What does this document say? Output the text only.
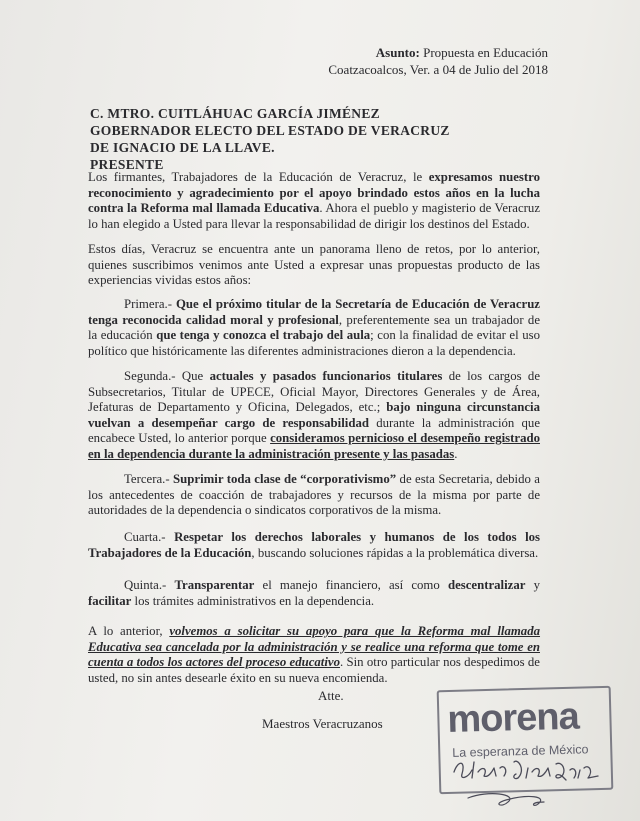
Asunto: Propuesta en Educación
Coatzacoalcos, Ver. a 04 de Julio del 2018
C. MTRO. CUITLÁHUAC GARCÍA JIMÉNEZ
GOBERNADOR ELECTO DEL ESTADO DE VERACRUZ
DE IGNACIO DE LA LLAVE.
PRESENTE
Los firmantes, Trabajadores de la Educación de Veracruz, le expresamos nuestro reconocimiento y agradecimiento por el apoyo brindado estos años en la lucha contra la Reforma mal llamada Educativa. Ahora el pueblo y magisterio de Veracruz lo han elegido a Usted para llevar la responsabilidad de dirigir los destinos del Estado.
Estos días, Veracruz se encuentra ante un panorama lleno de retos, por lo anterior, quienes suscribimos venimos ante Usted a expresar unas propuestas producto de las experiencias vividas estos años:
Primera.- Que el próximo titular de la Secretaría de Educación de Veracruz tenga reconocida calidad moral y profesional, preferentemente sea un trabajador de la educación que tenga y conozca el trabajo del aula; con la finalidad de evitar el uso político que históricamente las diferentes administraciones dieron a la dependencia.
Segunda.- Que actuales y pasados funcionarios titulares de los cargos de Subsecretarios, Titular de UPECE, Oficial Mayor, Directores Generales y de Área, Jefaturas de Departamento y Oficina, Delegados, etc.; bajo ninguna circunstancia vuelvan a desempeñar cargo de responsabilidad durante la administración que encabece Usted, lo anterior porque consideramos pernicioso el desempeño registrado en la dependencia durante la administración presente y las pasadas.
Tercera.- Suprimir toda clase de “corporativismo” de esta Secretaria, debido a los antecedentes de coacción de trabajadores y recursos de la misma por parte de autoridades de la dependencia o sindicatos corporativos de la misma.
Cuarta.- Respetar los derechos laborales y humanos de los todos los Trabajadores de la Educación, buscando soluciones rápidas a la problemática diversa.
Quinta.- Transparentar el manejo financiero, así como descentralizar y facilitar los trámites administrativos en la dependencia.
A lo anterior, volvemos a solicitar su apoyo para que la Reforma mal llamada Educativa sea cancelada por la administración y se realice una reforma que tome en cuenta a todos los actores del proceso educativo. Sin otro particular nos despedimos de usted, no sin antes desearle éxito en su nueva encomienda.
Atte.
Maestros Veracruzanos morena
La esperanza de México
